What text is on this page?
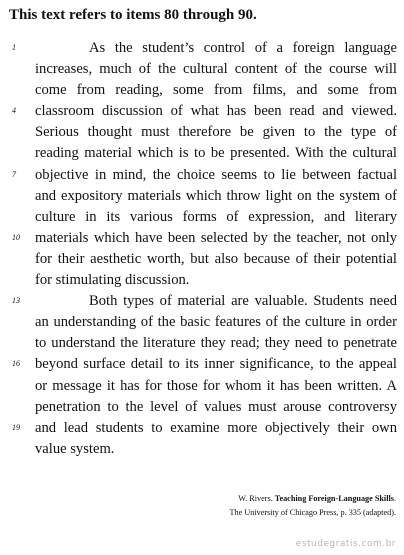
This text refers to items 80 through 90.
1	As the student’s control of a foreign language
increases, much of the cultural content of the course will
come from reading, some from films, and some from
4	classroom discussion of what has been read and viewed.
Serious thought must therefore be given to the type of
reading material which is to be presented. With the cultural
7	objective in mind, the choice seems to lie between factual
and expository materials which throw light on the system of
culture in its various forms of expression, and literary
10 materials which have been selected by the teacher, not only
for their aesthetic worth, but also because of their potential
for stimulating discussion.
13	Both types of material are valuable. Students need
an understanding of the basic features of the culture in order
to understand the literature they read; they need to penetrate
16 beyond surface detail to its inner significance, to the appeal
or message it has for those for whom it has been written. A
penetration to the level of values must arouse controversy
19 and lead students to examine more objectively their own
value system.
W. Rivers. Teaching Foreign-Language Skills.
The University of Chicago Press, p. 335 (adapted).
estudegratis.com.br
